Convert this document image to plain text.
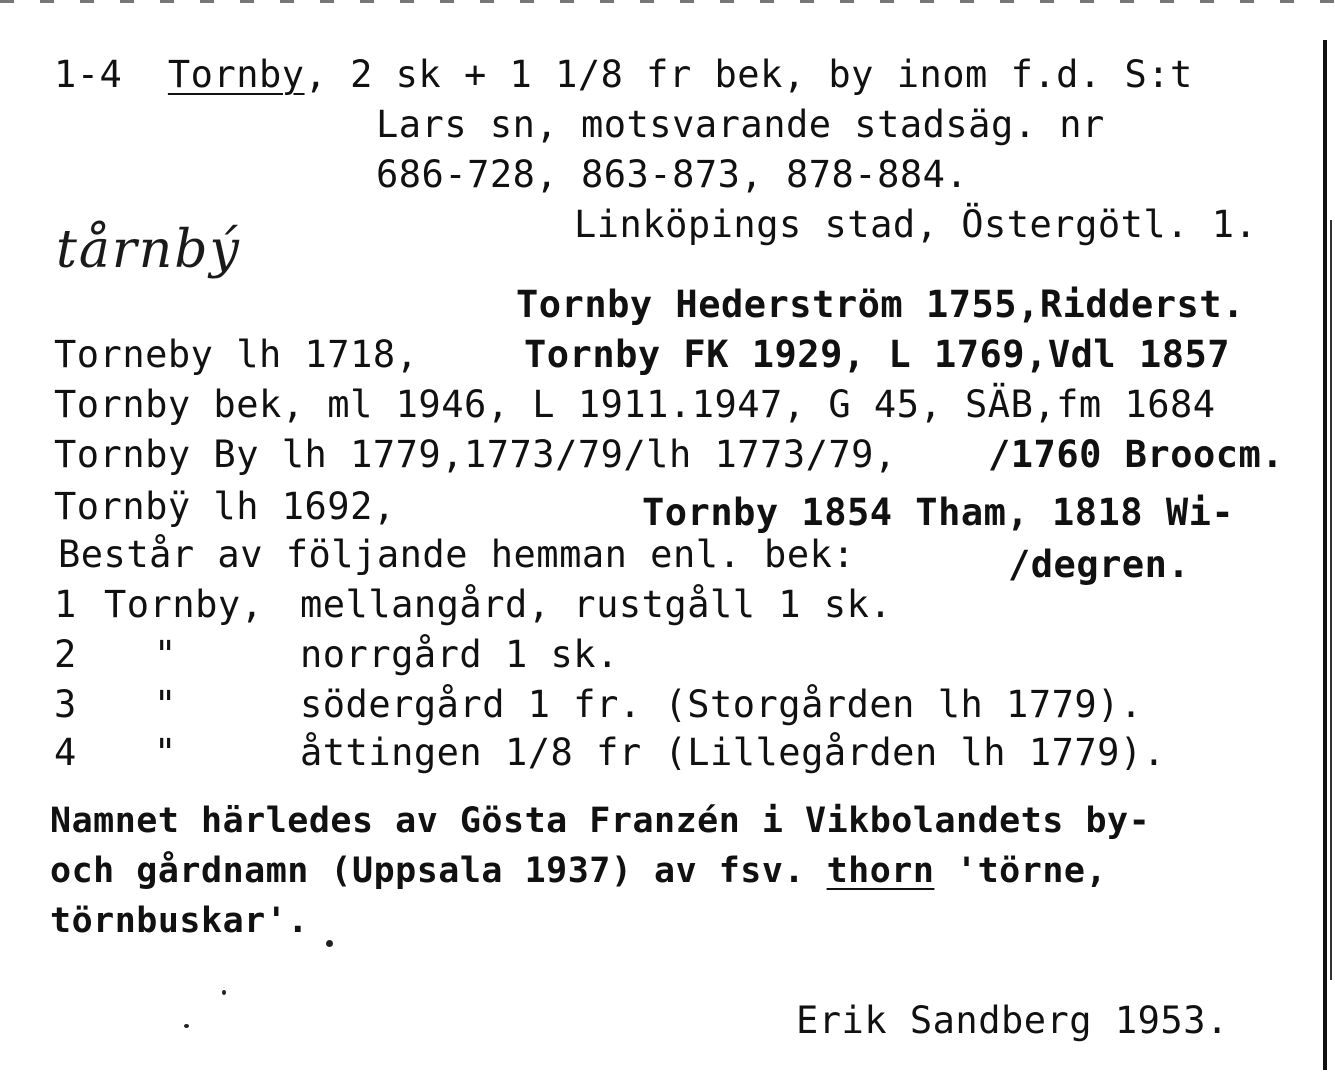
1-4 Tornby, 2 sk + 1 1/8 fr bek, by inom f.d. S:t
Lars sn, motsvarande stadsäg. nr
686-728, 863-873, 878-884.
Linköpings stad, Östergötl. 1.
tårnbý
Tornby Hederström 1755,Ridderst.
Torneby lh 1718,	Tornby FK 1929, L 1769,Vdl 1857
Tornby bek, ml 1946, L 1911.1947, G 45, SÄB,fm 1684
Tornby By lh 1779,1773/79/lh 1773/79, /1760 Broocm.
Tornbÿ lh 1692,	Tornby 1854 Tham, 1818 Wi-
Består av följande hemman enl. bek:	/degren.
1 Tornby, mellangård, rustgåll 1 sk.
2 "	norrgård 1 sk.
3 "	södergård 1 fr. (Storgården lh 1779).
4 "	åttingen 1/8 fr (Lillegården lh 1779).
Namnet härledes av Gösta Franzén i Vikbolandets by-
och gårdnamn (Uppsala 1937) av fsv. thorn 'törne,
törnbuskar'.
Erik Sandberg 1953.
